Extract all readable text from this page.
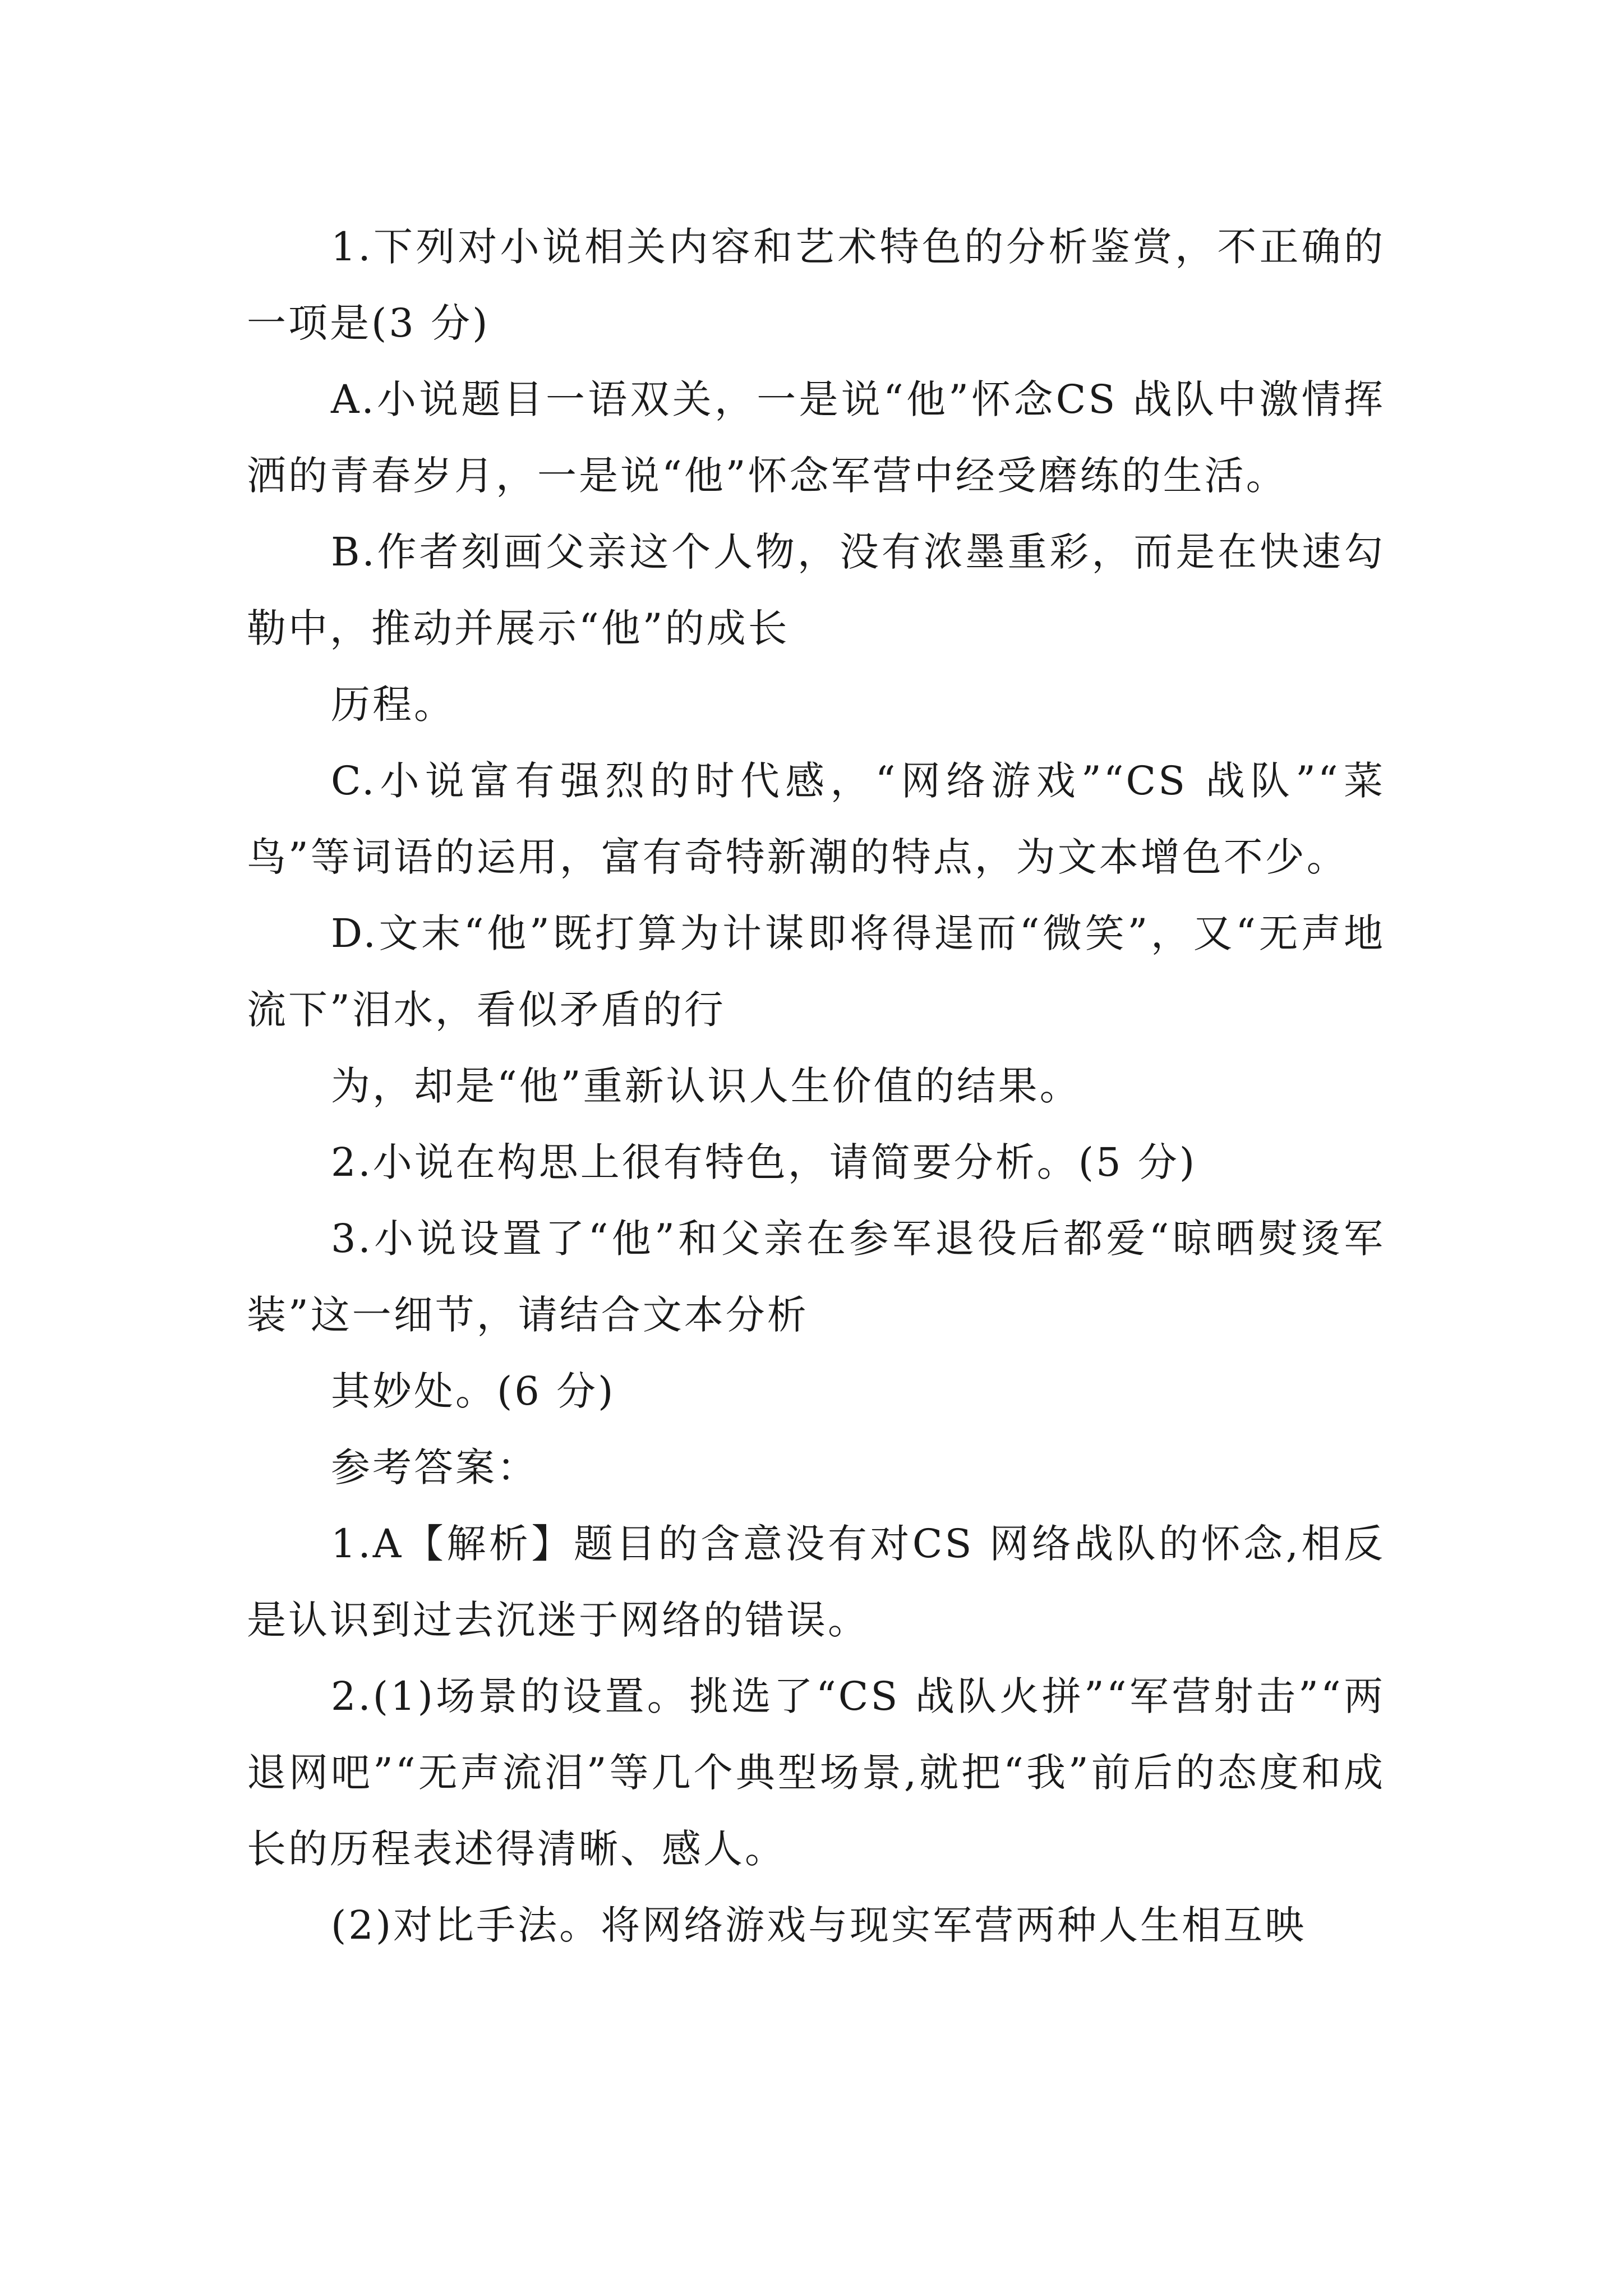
1.下列对小说相关内容和艺术特色的分析鉴赏，不正确的一项是(3 分)

A.小说题目一语双关，一是说“他”怀念CS 战队中激情挥洒的青春岁月，一是说“他”怀念军营中经受磨练的生活。

B.作者刻画父亲这个人物，没有浓墨重彩，而是在快速勾勒中，推动并展示“他”的成长

历程。

C.小说富有强烈的时代感，“网络游戏”“CS 战队”“菜鸟”等词语的运用，富有奇特新潮的特点，为文本增色不少。

D.文末“他”既打算为计谋即将得逞而“微笑”，又“无声地流下”泪水，看似矛盾的行

为，却是“他”重新认识人生价值的结果。

2.小说在构思上很有特色，请简要分析。(5 分)

3.小说设置了“他”和父亲在参军退役后都爱“晾晒熨烫军装”这一细节，请结合文本分析

其妙处。(6 分)

参考答案：

1.A【解析】题目的含意没有对CS 网络战队的怀念,相反是认识到过去沉迷于网络的错误。

2.(1)场景的设置。挑选了“CS 战队火拼”“军营射击”“两退网吧”“无声流泪”等几个典型场景,就把“我”前后的态度和成长的历程表述得清晰、感人。

(2)对比手法。将网络游戏与现实军营两种人生相互映
